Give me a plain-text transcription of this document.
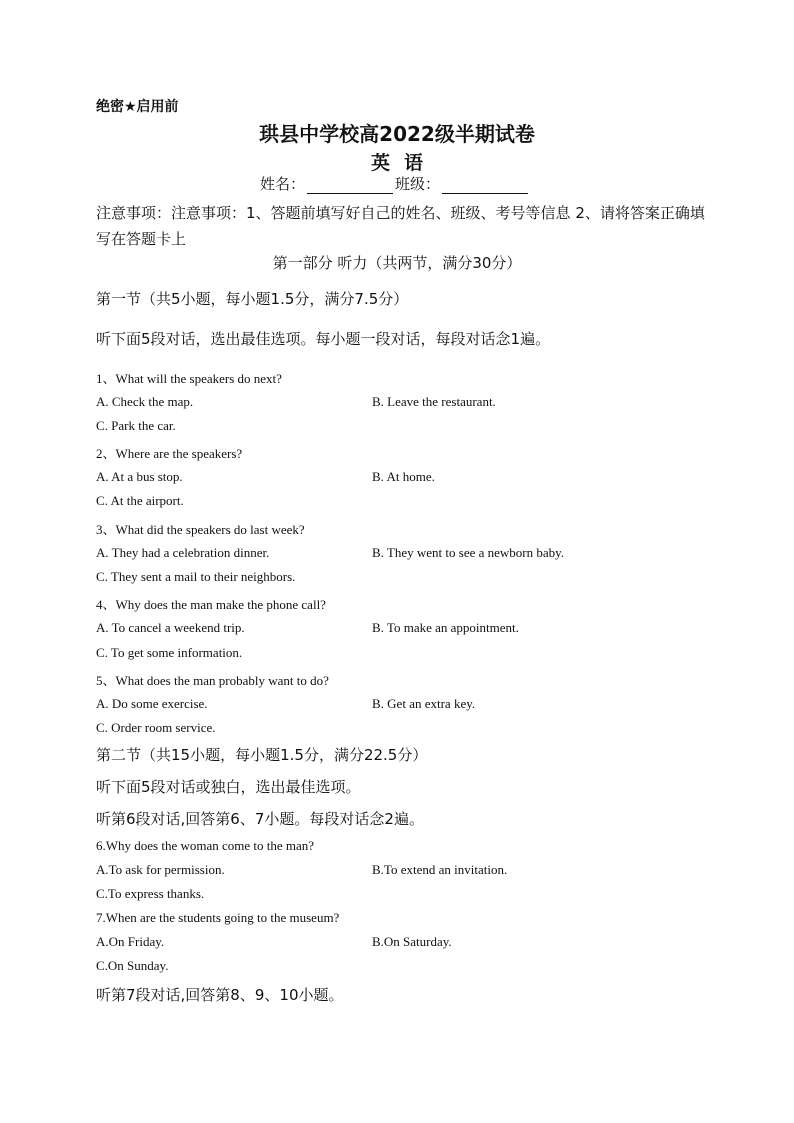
绝密★启用前
珙县中学校高2022级半期试卷
英语
姓名：	班级：
注意事项：注意事项：1、答题前填写好自己的姓名、班级、考号等信息 2、请将答案正确填写在答题卡上
第一部分 听力（共两节，满分30分）
第一节（共5小题，每小题1.5分，满分7.5分）
听下面5段对话，选出最佳选项。每小题一段对话，每段对话念1遍。
1、What will the speakers do next?
A. Check the map.	B. Leave the restaurant.
C. Park the car.
2、Where are the speakers?
A. At a bus stop.	B. At home.
C. At the airport.
3、What did the speakers do last week?
A. They had a celebration dinner.	B. They went to see a newborn baby.
C. They sent a mail to their neighbors.
4、Why does the man make the phone call?
A. To cancel a weekend trip.	B. To make an appointment.
C. To get some information.
5、What does the man probably want to do?
A. Do some exercise.	B. Get an extra key.
C. Order room service.
第二节（共15小题，每小题1.5分，满分22.5分）
听下面5段对话或独白，选出最佳选项。
听第6段对话,回答第6、7小题。每段对话念2遍。
6.Why does the woman come to the man?
A.To ask for permission.	B.To extend an invitation.
C.To express thanks.
7.When are the students going to the museum?
A.On Friday.	B.On Saturday.
C.On Sunday.
听第7段对话,回答第8、9、10小题。
